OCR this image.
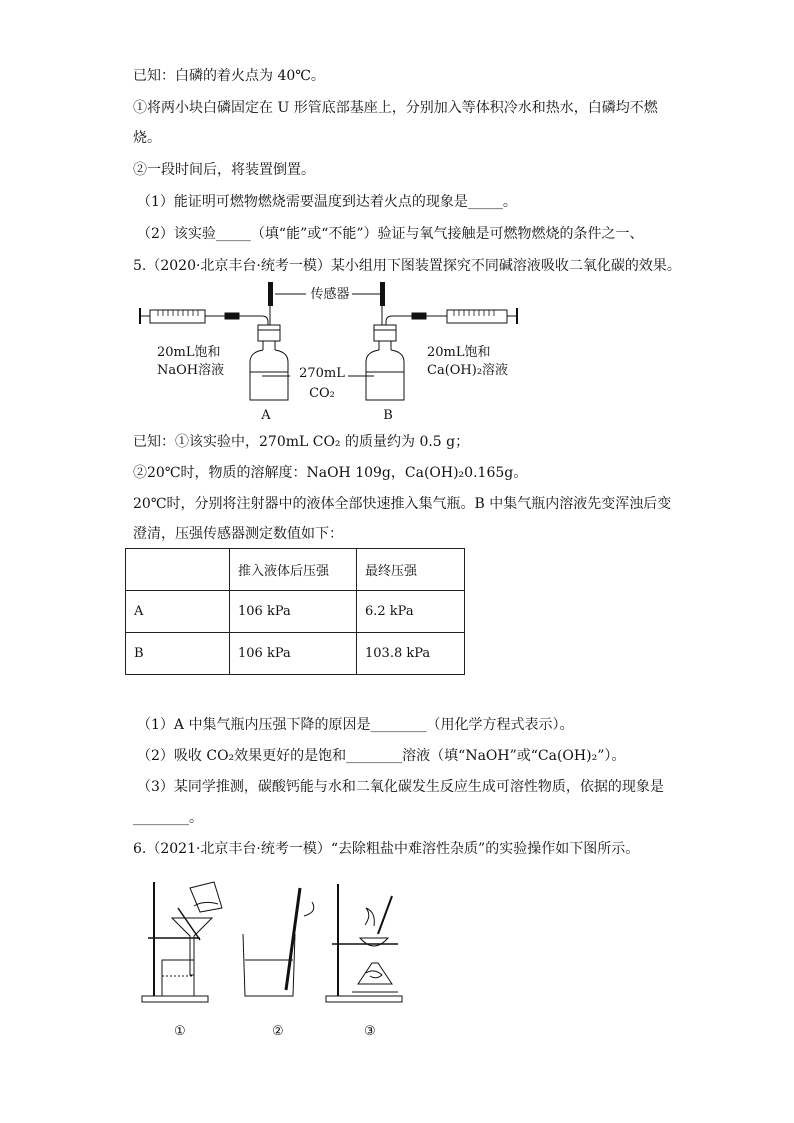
已知：白磷的着火点为 40℃。
①将两小块白磷固定在 U 形管底部基座上，分别加入等体积冷水和热水，白磷均不燃
烧。
②一段时间后，将装置倒置。
（1）能证明可燃物燃烧需要温度到达着火点的现象是_____。
（2）该实验_____（填“能”或“不能”）验证与氧气接触是可燃物燃烧的条件之一、
5.（2020·北京丰台·统考一模）某小组用下图装置探究不同碱溶液吸收二氧化碳的效果。
传感器
20mL饱和
NaOH溶液
20mL饱和
Ca(OH)₂溶液
270mL
CO₂
A	B
已知：①该实验中，270mL CO₂ 的质量约为 0.5 g；
②20℃时，物质的溶解度：NaOH 109g，Ca(OH)₂0.165g。
20℃时，分别将注射器中的液体全部快速推入集气瓶。B 中集气瓶内溶液先变浑浊后变
澄清，压强传感器测定数值如下：
	推入液体后压强	最终压强
A	106 kPa	6.2 kPa
B	106 kPa	103.8 kPa
（1）A 中集气瓶内压强下降的原因是________（用化学方程式表示）。
（2）吸收 CO₂效果更好的是饱和________溶液（填“NaOH”或“Ca(OH)₂”）。
（3）某同学推测，碳酸钙能与水和二氧化碳发生反应生成可溶性物质，依据的现象是
________。
6.（2021·北京丰台·统考一模）“去除粗盐中难溶性杂质”的实验操作如下图所示。
①	②	③
